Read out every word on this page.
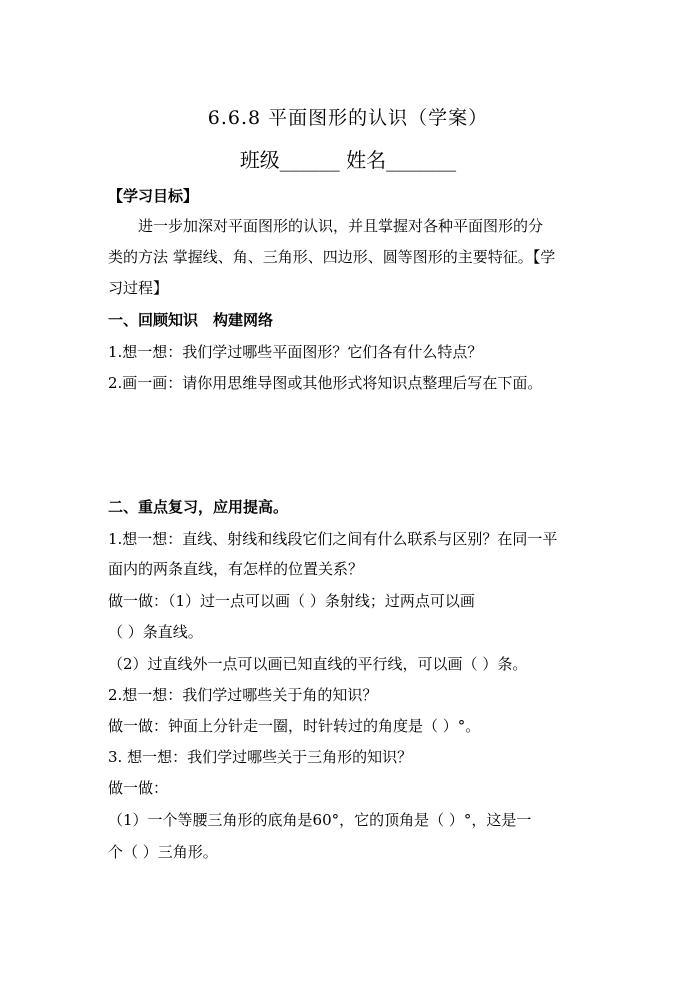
6.6.8 平面图形的认识（学案）
班级______ 姓名_______
【学习目标】
　　进一步加深对平面图形的认识，并且掌握对各种平面图形的分
类的方法 掌握线、角、三角形、四边形、圆等图形的主要特征。【学
习过程】
一、回顾知识　构建网络
1.想一想：我们学过哪些平面图形？它们各有什么特点？
2.画一画：请你用思维导图或其他形式将知识点整理后写在下面。
二、重点复习，应用提高。
1.想一想：直线、射线和线段它们之间有什么联系与区别？在同一平
面内的两条直线，有怎样的位置关系？
做一做：（1）过一点可以画（ ）条射线；过两点可以画
（ ）条直线。
（2）过直线外一点可以画已知直线的平行线，可以画（ ）条。
2.想一想：我们学过哪些关于角的知识？
做一做：钟面上分针走一圈，时针转过的角度是（ ）°。
3. 想一想：我们学过哪些关于三角形的知识？
做一做：
（1）一个等腰三角形的底角是60°，它的顶角是（ ）°，这是一
个（ ）三角形。
